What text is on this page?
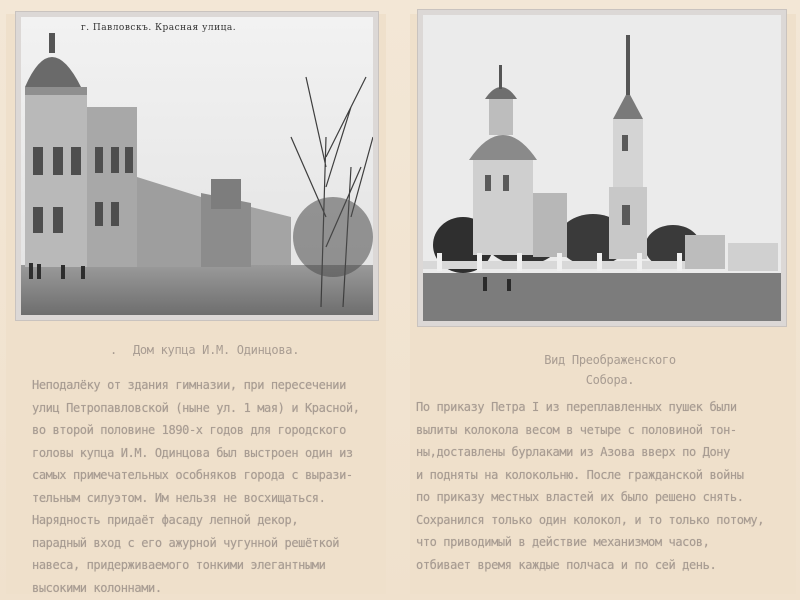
г. Павловскъ. Красная улица.
. Дом купца И.М. Одинцова.
Неподалёку от здания гимназии, при пересечении
улиц Петропавловской (ныне ул. 1 мая) и Красной,
во второй половине 1890-х годов для городского
головы купца И.М. Одинцова был выстроен один из
самых примечательных особняков города с вырази-
тельным силуэтом. Им нельзя не восхищаться.
Нарядность придаёт фасаду лепной декор,
парадный вход с его ажурной чугунной решёткой
навеса, придерживаемого тонкими элегантными
высокими колоннами.
Вид Преображенского
Собора.
По приказу Петра I из переплавленных пушек были
вылиты колокола весом в четыре с половиной тон-
ны,доставлены бурлаками из Азова вверх по Дону
и подняты на колокольню. После гражданской войны
по приказу местных властей их было решено снять.
Сохранился только один колокол, и то только потому,
что приводимый в действие механизмом часов,
отбивает время каждые полчаса и по сей день.
